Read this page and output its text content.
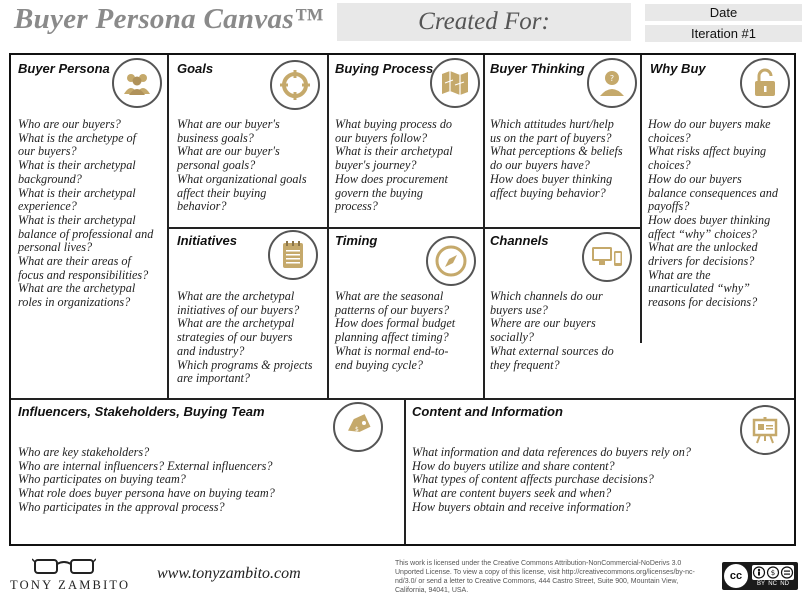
Buyer Persona Canvas™	Created For:	Date
Iteration #1
Buyer Persona
Who are our buyers?
What is the archetype of
our buyers?
What is their archetypal
background?
What is their archetypal
experience?
What is their archetypal
balance of professional and
personal lives?
What are their areas of
focus and responsibilities?
What are the archetypal
roles in organizations?
Goals
What are our buyer's
business goals?
What are our buyer's
personal goals?
What organizational goals
affect their buying
behavior?
Buying Process
What buying process do
our buyers follow?
What is their archetypal
buyer's journey?
How does procurement
govern the buying
process?
Buyer Thinking
?
Which attitudes hurt/help
us on the part of buyers?
What perceptions & beliefs
do our buyers have?
How does buyer thinking
affect buying behavior?
Why Buy
How do our buyers make
choices?
What risks affect buying
choices?
How do our buyers
balance consequences and
payoffs?
How does buyer thinking
affect “why” choices?
What are the unlocked
drivers for decisions?
What are the
unarticulated “why”
reasons for decisions?
Initiatives
What are the archetypal
initiatives of our buyers?
What are the archetypal
strategies of our buyers
and industry?
Which programs & projects
are important?
Timing
What are the seasonal
patterns of our buyers?
How does formal budget
planning affect timing?
What is normal end-to-
end buying cycle?
Channels
Which channels do our
buyers use?
Where are our buyers
socially?
What external sources do
they frequent?
Influencers, Stakeholders, Buying Team
$
Who are key stakeholders?
Who are internal influencers? External influencers?
Who participates on buying team?
What role does buyer persona have on buying team?
Who participates in the approval process?
Content and Information
What information and data references do buyers rely on?
How do buyers utilize and share content?
What types of content affects purchase decisions?
What are content buyers seek and when?
How buyers obtain and receive information?
TONY ZAMBITO
www.tonyzambito.com
This work is licensed under the Creative Commons Attribution-NonCommercial-NoDerivs 3.0
Unported License. To view a copy of this license, visit http://creativecommons.org/licenses/by-nc-
nd/3.0/ or send a letter to Creative Commons, 444 Castro Street, Suite 900, Mountain View,
California, 94041, USA.
cc	$
BY  NC  ND
